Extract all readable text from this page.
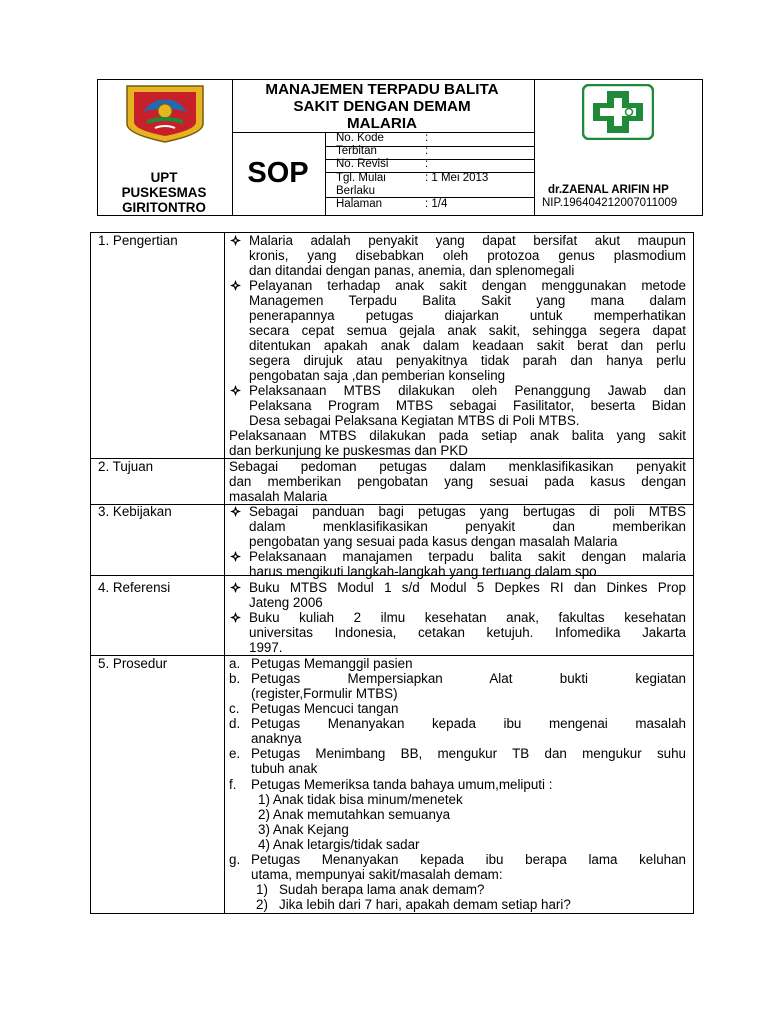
UPT
PUSKESMAS
GIRITONTRO
MANAJEMEN TERPADU BALITA
SAKIT DENGAN DEMAM
MALARIA
SOP
No. Kode	:
Terbitan	:
No. Revisi	:
Tgl. Mulai
Berlaku
: 1 Mei 2013
Halaman	: 1/4
dr.ZAENAL ARIFIN HP
NIP.196404212007011009
1. Pengertian	Malaria adalah penyakit yang dapat bersifat akut maupun
kronis, yang disebabkan oleh protozoa genus plasmodium
dan ditandai dengan panas, anemia, dan splenomegali
Pelayanan terhadap anak sakit dengan menggunakan metode
Managemen Terpadu Balita Sakit yang mana dalam
penerapannya petugas diajarkan untuk memperhatikan
secara cepat semua gejala anak sakit, sehingga segera dapat
ditentukan apakah anak dalam keadaan sakit berat dan perlu
segera dirujuk atau penyakitnya tidak parah dan hanya perlu
pengobatan saja ,dan pemberian konseling
Pelaksanaan MTBS dilakukan oleh Penanggung Jawab dan
Pelaksana Program MTBS sebagai Fasilitator, beserta Bidan
Desa sebagai Pelaksana Kegiatan MTBS di Poli MTBS.
Pelaksanaan MTBS dilakukan pada setiap anak balita yang sakit
dan berkunjung ke puskesmas dan PKD
2. Tujuan	Sebagai pedoman petugas dalam menklasifikasikan penyakit
dan memberikan pengobatan yang sesuai pada kasus dengan
masalah Malaria
3. Kebijakan	Sebagai panduan bagi petugas yang bertugas di poli MTBS
dalam menklasifikasikan penyakit dan memberikan
pengobatan yang sesuai pada kasus dengan masalah Malaria
Pelaksanaan manajamen terpadu balita sakit dengan malaria
harus mengikuti langkah-langkah yang tertuang dalam spo
4. Referensi	Buku MTBS Modul 1 s/d Modul 5 Depkes RI dan Dinkes Prop
Jateng 2006
Buku kuliah 2 ilmu kesehatan anak, fakultas kesehatan
universitas Indonesia, cetakan ketujuh. Infomedika Jakarta
1997.
5. Prosedur	a. Petugas Memanggil pasien
b. Petugas Mempersiapkan Alat bukti kegiatan
(register,Formulir MTBS)
c. Petugas Mencuci tangan
d. Petugas Menanyakan kepada ibu mengenai masalah
anaknya
e. Petugas Menimbang BB, mengukur TB dan mengukur suhu
tubuh anak
f. Petugas Memeriksa tanda bahaya umum,meliputi :
1) Anak tidak bisa minum/menetek
2) Anak memutahkan semuanya
3) Anak Kejang
4) Anak letargis/tidak sadar
g. Petugas Menanyakan kepada ibu berapa lama keluhan
utama, mempunyai sakit/masalah demam:
1) Sudah berapa lama anak demam?
2) Jika lebih dari 7 hari, apakah demam setiap hari?
